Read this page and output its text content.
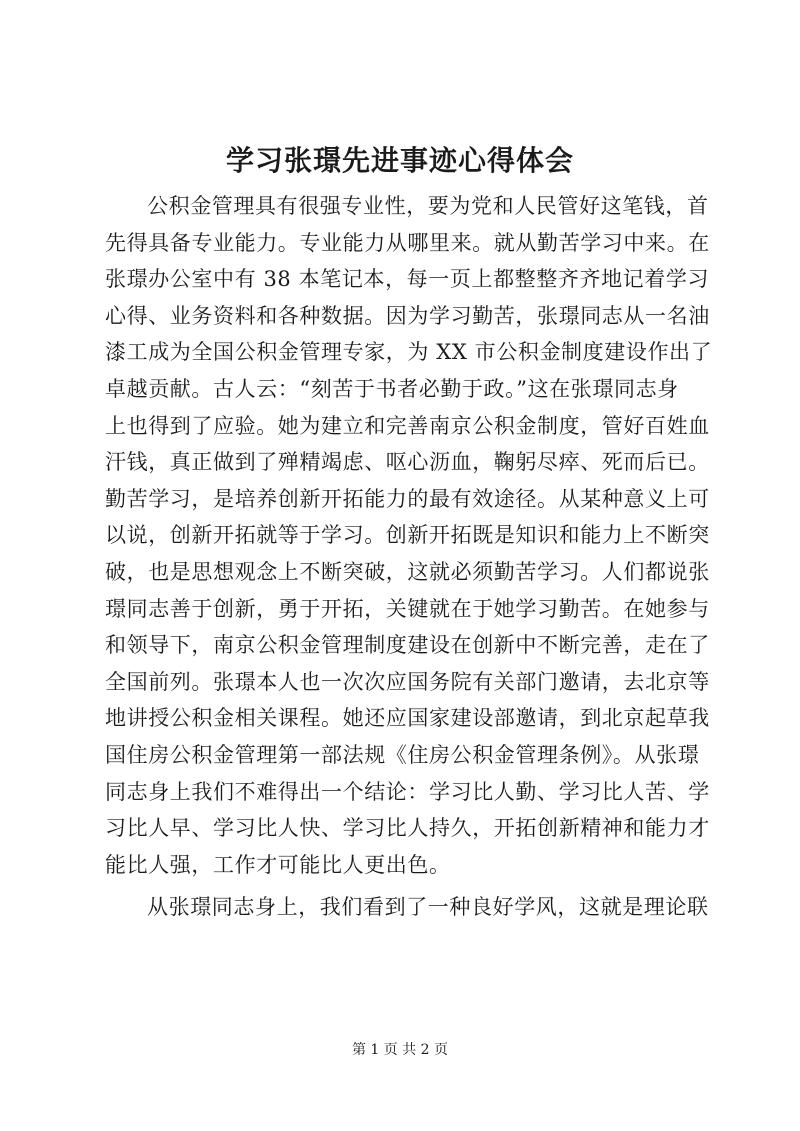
学习张璟先进事迹心得体会
公积金管理具有很强专业性，要为党和人民管好这笔钱，首
先得具备专业能力。专业能力从哪里来。就从勤苦学习中来。在
张璟办公室中有 38 本笔记本，每一页上都整整齐齐地记着学习
心得、业务资料和各种数据。因为学习勤苦，张璟同志从一名油
漆工成为全国公积金管理专家，为 XX 市公积金制度建设作出了
卓越贡献。古人云：“刻苦于书者必勤于政。”这在张璟同志身
上也得到了应验。她为建立和完善南京公积金制度，管好百姓血
汗钱，真正做到了殚精竭虑、呕心沥血，鞠躬尽瘁、死而后已。
勤苦学习，是培养创新开拓能力的最有效途径。从某种意义上可
以说，创新开拓就等于学习。创新开拓既是知识和能力上不断突
破，也是思想观念上不断突破，这就必须勤苦学习。人们都说张
璟同志善于创新，勇于开拓，关键就在于她学习勤苦。在她参与
和领导下，南京公积金管理制度建设在创新中不断完善，走在了
全国前列。张璟本人也一次次应国务院有关部门邀请，去北京等
地讲授公积金相关课程。她还应国家建设部邀请，到北京起草我
国住房公积金管理第一部法规《住房公积金管理条例》。从张璟
同志身上我们不难得出一个结论：学习比人勤、学习比人苦、学
习比人早、学习比人快、学习比人持久，开拓创新精神和能力才
能比人强，工作才可能比人更出色。
从张璟同志身上，我们看到了一种良好学风，这就是理论联
第 1 页 共 2 页
